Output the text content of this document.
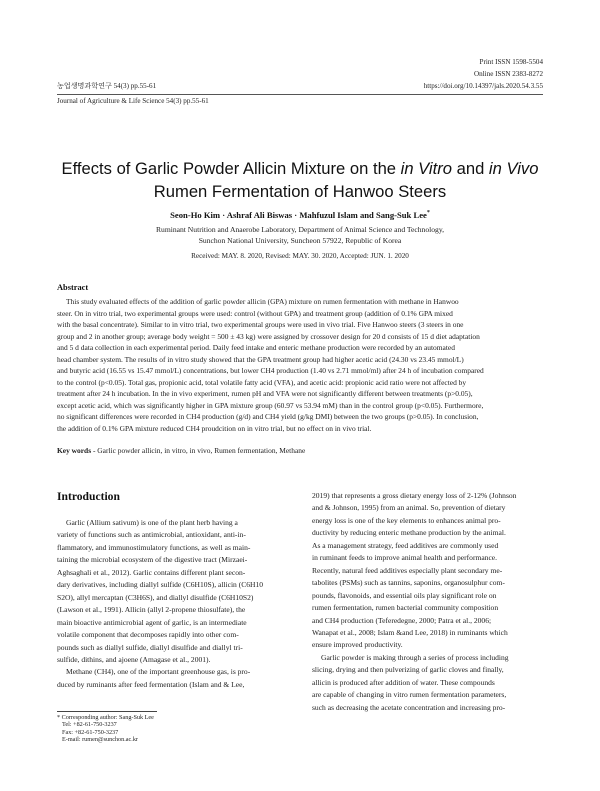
Print ISSN 1598-5504
Online ISSN 2383-8272
농업생명과학연구 54(3) pp.55-61	https://doi.org/10.14397/jals.2020.54.3.55
Journal of Agriculture & Life Science 54(3) pp.55-61
Effects of Garlic Powder Allicin Mixture on the in Vitro and in Vivo
Rumen Fermentation of Hanwoo Steers
Seon-Ho Kim · Ashraf Ali Biswas · Mahfuzul Islam and Sang-Suk Lee*
Ruminant Nutrition and Anaerobe Laboratory, Department of Animal Science and Technology,
Sunchon National University, Suncheon 57922, Republic of Korea
Received: MAY. 8. 2020, Revised: MAY. 30. 2020, Accepted: JUN. 1. 2020
Abstract
This study evaluated effects of the addition of garlic powder allicin (GPA) mixture on rumen fermentation with methane in Hanwoo
steer. On in vitro trial, two experimental groups were used: control (without GPA) and treatment group (addition of 0.1% GPA mixed
with the basal concentrate). Similar to in vitro trial, two experimental groups were used in vivo trial. Five Hanwoo steers (3 steers in one
group and 2 in another group; average body weight = 500 ± 43 kg) were assigned by crossover design for 20 d consists of 15 d diet adaptation
and 5 d data collection in each experimental period. Daily feed intake and enteric methane production were recorded by an automated
head chamber system. The results of in vitro study showed that the GPA treatment group had higher acetic acid (24.30 vs 23.45 mmol/L)
and butyric acid (16.55 vs 15.47 mmol/L) concentrations, but lower CH4 production (1.40 vs 2.71 mmol/ml) after 24 h of incubation compared
to the control (p<0.05). Total gas, propionic acid, total volatile fatty acid (VFA), and acetic acid: propionic acid ratio were not affected by
treatment after 24 h incubation. In the in vivo experiment, rumen pH and VFA were not significantly different between treatments (p>0.05),
except acetic acid, which was significantly higher in GPA mixture group (60.97 vs 53.94 mM) than in the control group (p<0.05). Furthermore,
no significant differences were recorded in CH4 production (g/d) and CH4 yield (g/kg DMI) between the two groups (p>0.05). In conclusion,
the addition of 0.1% GPA mixture reduced CH4 proudcition on in vitro trial, but no effect on in vivo trial.
Key words - Garlic powder allicin, in vitro, in vivo, Rumen fermentation, Methane
Introduction
Garlic (Allium sativum) is one of the plant herb having a
variety of functions such as antimicrobial, antioxidant, anti-in-
flammatory, and immunostimulatory functions, as well as main-
taining the microbial ecosystem of the digestive tract (Mirzaei-
Aghsaghali et al., 2012). Garlic contains different plant secon-
dary derivatives, including diallyl sulfide (C6H10S), allicin (C6H10
S2O), allyl mercaptan (C3H6S), and diallyl disulfide (C6H10S2)
(Lawson et al., 1991). Allicin (allyl 2-propene thiosulfate), the
main bioactive antimicrobial agent of garlic, is an intermediate
volatile component that decomposes rapidly into other com-
pounds such as diallyl sulfide, diallyl disulfide and diallyl tri-
sulfide, dithins, and ajoene (Amagase et al., 2001).
Methane (CH4), one of the important greenhouse gas, is pro-
duced by ruminants after feed fermentation (Islam and & Lee,
* Corresponding author: Sang-Suk Lee
Tel: +82-61-750-3237
Fax: +82-61-750-3237
E-mail: rumen@sunchon.ac.kr
2019) that represents a gross dietary energy loss of 2-12% (Johnson
and & Johnson, 1995) from an animal. So, prevention of dietary
energy loss is one of the key elements to enhances animal pro-
ductivity by reducing enteric methane production by the animal.
As a management strategy, feed additives are commonly used
in ruminant feeds to improve animal health and performance.
Recently, natural feed additives especially plant secondary me-
tabolites (PSMs) such as tannins, saponins, organosulphur com-
pounds, flavonoids, and essential oils play significant role on
rumen fermentation, rumen bacterial community composition
and CH4 production (Teferedegne, 2000; Patra et al., 2006;
Wanapat et al., 2008; Islam &and Lee, 2018) in ruminants which
ensure improved productivity.
Garlic powder is making through a series of process including
slicing, drying and then pulverizing of garlic cloves and finally,
allicin is produced after addition of water. These compounds
are capable of changing in vitro rumen fermentation parameters,
such as decreasing the acetate concentration and increasing pro-
